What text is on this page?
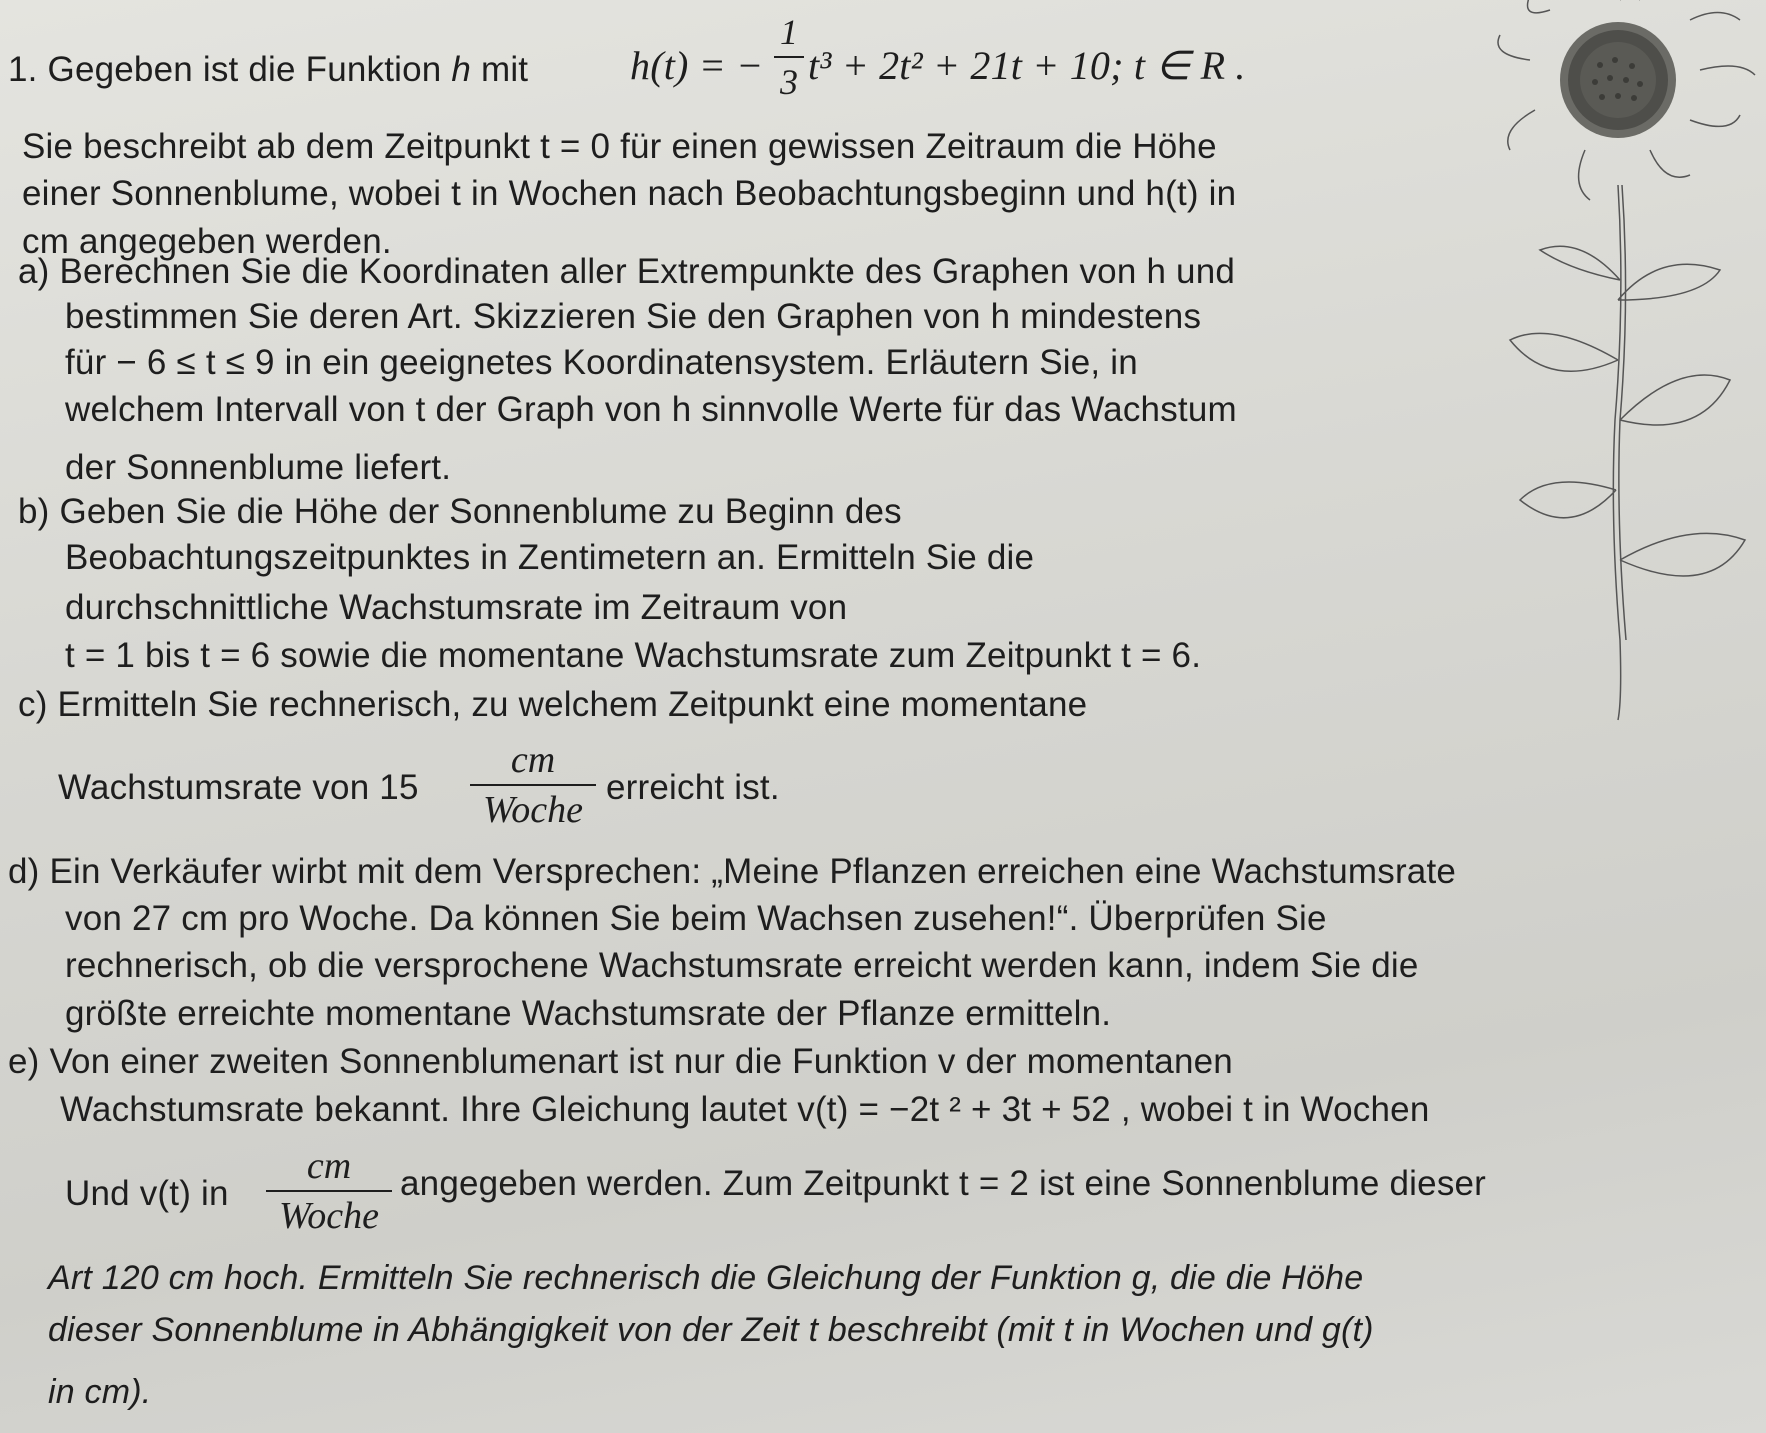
1. Gegeben ist die Funktion h mit	h(t) = −
1
3 t³ + 2t² + 21t + 10; t ∈ R .
Sie beschreibt ab dem Zeitpunkt t = 0 für einen gewissen Zeitraum die Höhe
einer Sonnenblume, wobei t in Wochen nach Beobachtungsbeginn und h(t) in
cm angegeben werden.
a) Berechnen Sie die Koordinaten aller Extrempunkte des Graphen von h und
bestimmen Sie deren Art. Skizzieren Sie den Graphen von h mindestens
für − 6 ≤ t ≤ 9 in ein geeignetes Koordinatensystem. Erläutern Sie, in
welchem Intervall von t der Graph von h sinnvolle Werte für das Wachstum
der Sonnenblume liefert.
b) Geben Sie die Höhe der Sonnenblume zu Beginn des
Beobachtungszeitpunktes in Zentimetern an. Ermitteln Sie die
durchschnittliche Wachstumsrate im Zeitraum von
t = 1 bis t = 6 sowie die momentane Wachstumsrate zum Zeitpunkt t = 6.
c) Ermitteln Sie rechnerisch, zu welchem Zeitpunkt eine momentane
Wachstumsrate von 15
cm
Woche
erreicht ist.
d) Ein Verkäufer wirbt mit dem Versprechen: „Meine Pflanzen erreichen eine Wachstumsrate
von 27 cm pro Woche. Da können Sie beim Wachsen zusehen!“. Überprüfen Sie
rechnerisch, ob die versprochene Wachstumsrate erreicht werden kann, indem Sie die
größte erreichte momentane Wachstumsrate der Pflanze ermitteln.
e) Von einer zweiten Sonnenblumenart ist nur die Funktion v der momentanen
Wachstumsrate bekannt. Ihre Gleichung lautet v(t) = −2t ² + 3t + 52 , wobei t in Wochen
Und v(t) in
cm
Woche
angegeben werden. Zum Zeitpunkt t = 2 ist eine Sonnenblume dieser
Art 120 cm hoch. Ermitteln Sie rechnerisch die Gleichung der Funktion g, die die Höhe
dieser Sonnenblume in Abhängigkeit von der Zeit t beschreibt (mit t in Wochen und g(t)
in cm).
